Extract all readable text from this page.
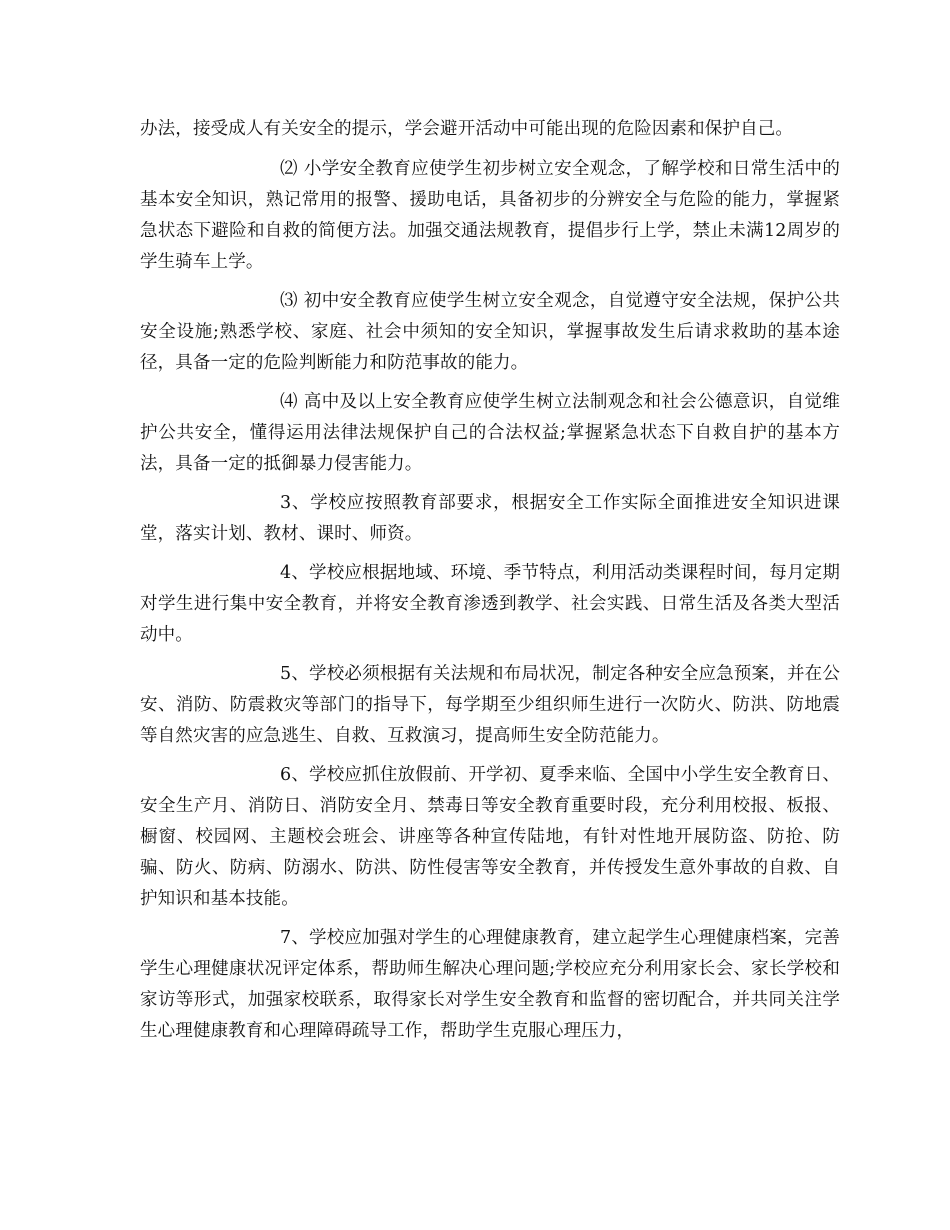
办法，接受成人有关安全的提示，学会避开活动中可能出现的危险因素和保护自己。

⑵ 小学安全教育应使学生初步树立安全观念，了解学校和日常生活中的基本安全知识，熟记常用的报警、援助电话，具备初步的分辨安全与危险的能力，掌握紧急状态下避险和自救的简便方法。加强交通法规教育，提倡步行上学，禁止未满12周岁的学生骑车上学。

⑶ 初中安全教育应使学生树立安全观念，自觉遵守安全法规，保护公共安全设施;熟悉学校、家庭、社会中须知的安全知识，掌握事故发生后请求救助的基本途径，具备一定的危险判断能力和防范事故的能力。

⑷ 高中及以上安全教育应使学生树立法制观念和社会公德意识，自觉维护公共安全，懂得运用法律法规保护自己的合法权益;掌握紧急状态下自救自护的基本方法，具备一定的抵御暴力侵害能力。

3、学校应按照教育部要求，根据安全工作实际全面推进安全知识进课堂，落实计划、教材、课时、师资。

4、学校应根据地域、环境、季节特点，利用活动类课程时间，每月定期对学生进行集中安全教育，并将安全教育渗透到教学、社会实践、日常生活及各类大型活动中。

5、学校必须根据有关法规和布局状况，制定各种安全应急预案，并在公安、消防、防震救灾等部门的指导下，每学期至少组织师生进行一次防火、防洪、防地震等自然灾害的应急逃生、自救、互救演习，提高师生安全防范能力。

6、学校应抓住放假前、开学初、夏季来临、全国中小学生安全教育日、安全生产月、消防日、消防安全月、禁毒日等安全教育重要时段，充分利用校报、板报、橱窗、校园网、主题校会班会、讲座等各种宣传陆地，有针对性地开展防盗、防抢、防骗、防火、防病、防溺水、防洪、防性侵害等安全教育，并传授发生意外事故的自救、自护知识和基本技能。

7、学校应加强对学生的心理健康教育，建立起学生心理健康档案，完善学生心理健康状况评定体系，帮助师生解决心理问题;学校应充分利用家长会、家长学校和家访等形式，加强家校联系，取得家长对学生安全教育和监督的密切配合，并共同关注学生心理健康教育和心理障碍疏导工作，帮助学生克服心理压力，
